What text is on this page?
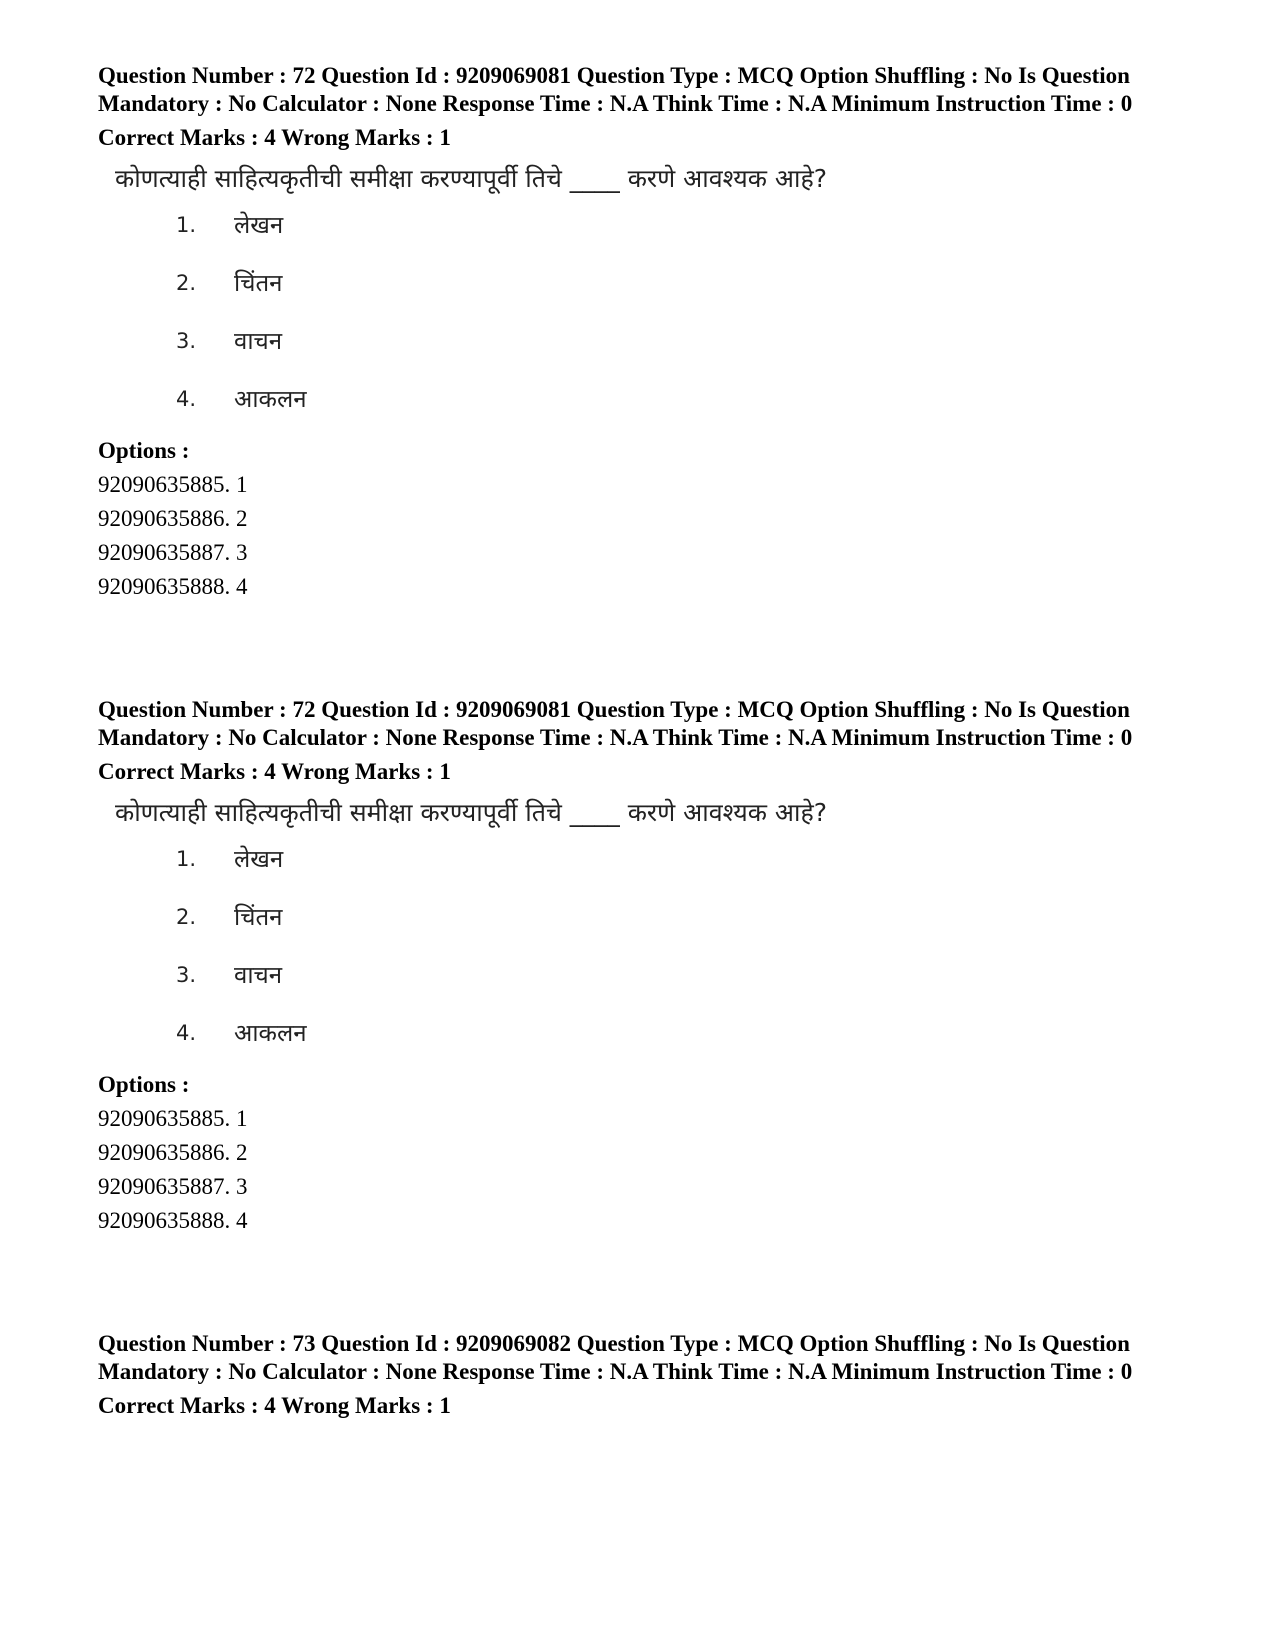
Question Number : 72 Question Id : 9209069081 Question Type : MCQ Option Shuffling : No Is Question Mandatory : No Calculator : None Response Time : N.A Think Time : N.A Minimum Instruction Time : 0

Correct Marks : 4 Wrong Marks : 1
कोणत्याही साहित्यकृतीची समीक्षा करण्यापूर्वी तिचे ____ करणे आवश्यक आहे?
1.	लेखन
2.	चिंतन
3.	वाचन
4.	आकलन
Options :
92090635885. 1
92090635886. 2
92090635887. 3
92090635888. 4

Question Number : 72 Question Id : 9209069081 Question Type : MCQ Option Shuffling : No Is Question Mandatory : No Calculator : None Response Time : N.A Think Time : N.A Minimum Instruction Time : 0

Correct Marks : 4 Wrong Marks : 1
कोणत्याही साहित्यकृतीची समीक्षा करण्यापूर्वी तिचे ____ करणे आवश्यक आहे?
1.	लेखन
2.	चिंतन
3.	वाचन
4.	आकलन
Options :
92090635885. 1
92090635886. 2
92090635887. 3
92090635888. 4

Question Number : 73 Question Id : 9209069082 Question Type : MCQ Option Shuffling : No Is Question Mandatory : No Calculator : None Response Time : N.A Think Time : N.A Minimum Instruction Time : 0

Correct Marks : 4 Wrong Marks : 1
